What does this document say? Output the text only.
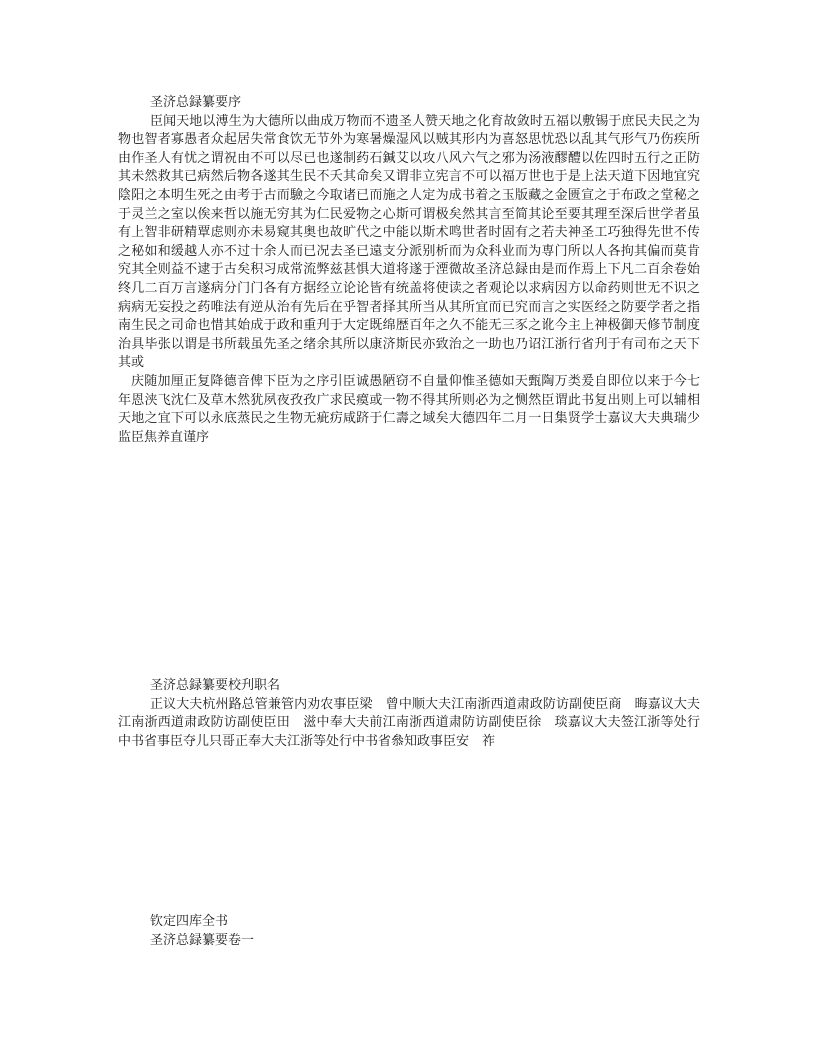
圣济总録纂要序
臣闻天地以溥生为大德所以曲成万物而不遗圣人赞天地之化育故敛时五福以敷锡于庶民夫民之为物也智者寡愚者众起居失常食饮无节外为寒暑燥湿风以贼其形内为喜怒思忧恐以乱其气形气乃伤疾所由作圣人有忧之谓祝由不可以尽已也遂制药石鍼艾以攻八风六气之邪为汤液醪醴以佐四时五行之正防其未然救其已病然后物各遂其生民不夭其命矣又谓非立宪言不可以福万世也于是上法天道下因地宜究陰阳之本明生死之由考于古而驗之今取诸已而施之人定为成书着之玉版藏之金匮宣之于布政之堂秘之于灵兰之室以俟来哲以施无穷其为仁民爱物之心斯可谓极矣然其言至简其论至要其理至深后世学者虽有上智非研精覃虑则亦未易窥其奥也故旷代之中能以斯术鸣世者时固有之若夫神圣工巧独得先世不传之秘如和缓越人亦不过十余人而已况去圣已遠支分派别析而为众科业而为専门所以人各拘其偏而莫肯究其全则益不逮于古矣积习成常流弊兹甚惧大道将遂于湮微故圣济总録由是而作焉上下凡二百余卷始终几二百万言遂病分门门各有方据经立论论皆有统盖将使读之者观论以求病因方以命药则世无不识之病病无妄投之药唯法有逆从治有先后在乎智者择其所当从其所宜而已究而言之实医经之防要学者之指南生民之司命也惜其始成于政和重刋于大定既绵歴百年之久不能无三豕之讹今主上神极御天修节制度治具毕张以谓是书所载虽先圣之绪余其所以康济斯民亦致治之一助也乃诏江浙行省刋于有司布之天下其或
庆随加厘正复降德音俾下臣为之序引臣诚愚陋窃不自量仰惟圣德如天甄陶万类爰自即位以来于今七年恩浃飞沈仁及草木然犹夙夜孜孜广求民瘼或一物不得其所则必为之恻然臣谓此书复出则上可以辅相天地之宜下可以永底蒸民之生物无疵疠咸跻于仁壽之域矣大德四年二月一日集贤学士嘉议大夫典瑞少监臣焦养直谨序
圣济总録纂要校刋职名
正议大夫杭州路总管兼管内劝农事臣梁　曾中顺大夫江南浙西道肃政防访副使臣商　晦嘉议大夫江南浙西道肃政防访副使臣田　滋中奉大夫前江南浙西道肃防访副使臣徐　琰嘉议大夫签江浙等处行中书省事臣夺儿只哥正奉大夫江浙等处行中书省叅知政事臣安　祚
钦定四库全书
圣济总録纂要卷一
